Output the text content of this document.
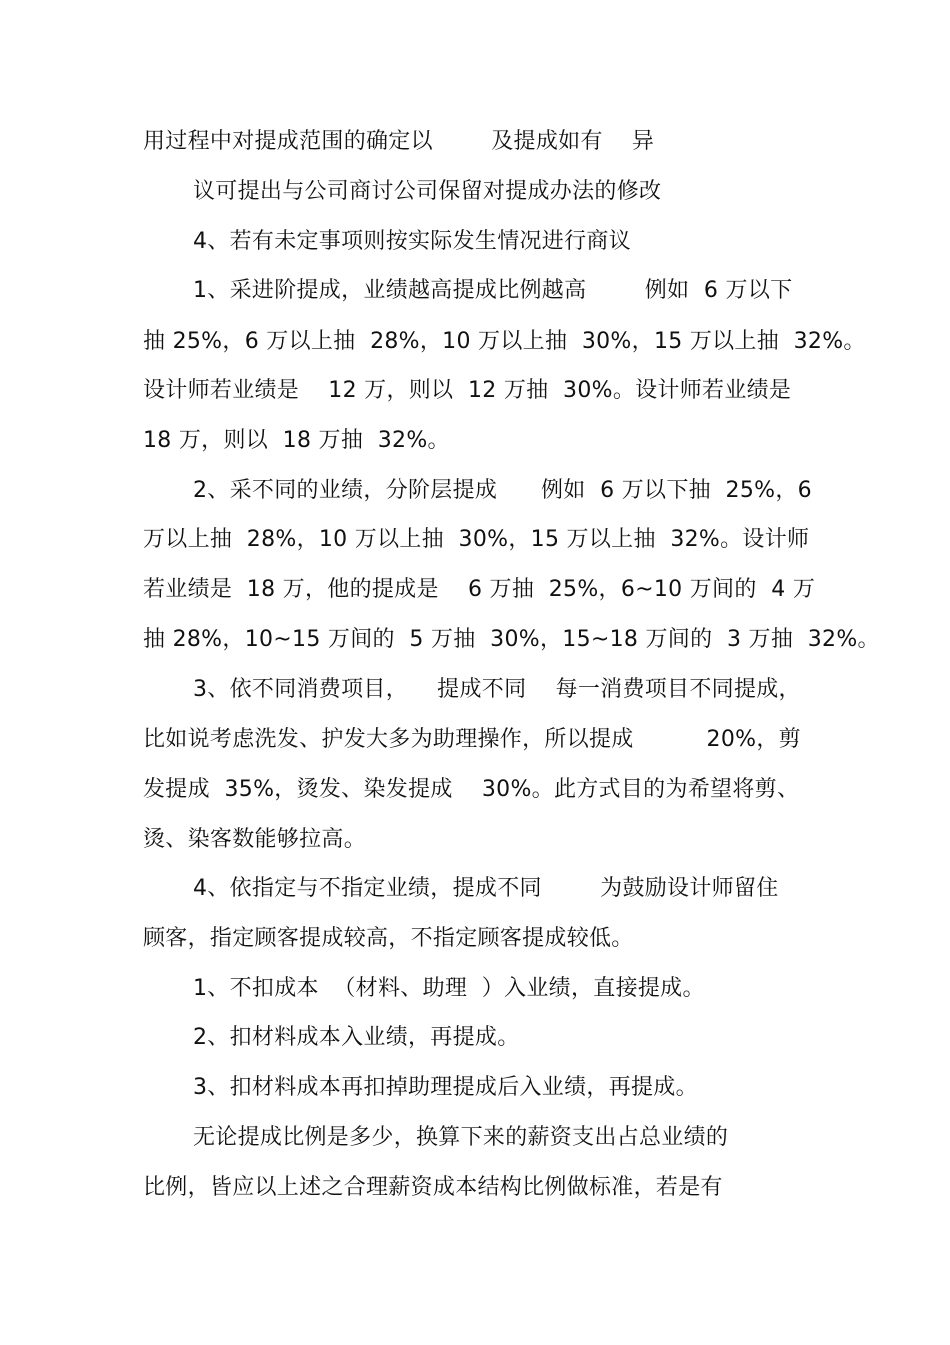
用过程中对提成范围的确定以        及提成如有    异
议可提出与公司商讨公司保留对提成办法的修改
4、若有未定事项则按实际发生情况进行商议
1、采进阶提成，业绩越高提成比例越高        例如  6 万以下
抽 25%，6 万以上抽  28%，10 万以上抽  30%，15 万以上抽  32%。
设计师若业绩是    12 万，则以  12 万抽  30%。设计师若业绩是
18 万，则以  18 万抽  32%。
2、采不同的业绩，分阶层提成      例如  6 万以下抽  25%，6
万以上抽  28%，10 万以上抽  30%，15 万以上抽  32%。设计师
若业绩是  18 万，他的提成是    6 万抽  25%，6~10 万间的  4 万
抽 28%，10~15 万间的  5 万抽  30%，15~18 万间的  3 万抽  32%。
3、依不同消费项目，    提成不同    每一消费项目不同提成，
比如说考虑洗发、护发大多为助理操作，所以提成          20%，剪
发提成  35%，烫发、染发提成    30%。此方式目的为希望将剪、
烫、染客数能够拉高。
4、依指定与不指定业绩，提成不同        为鼓励设计师留住
顾客，指定顾客提成较高，不指定顾客提成较低。
1、不扣成本  （材料、助理  ）入业绩，直接提成。
2、扣材料成本入业绩，再提成。
3、扣材料成本再扣掉助理提成后入业绩，再提成。
无论提成比例是多少，换算下来的薪资支出占总业绩的
比例，皆应以上述之合理薪资成本结构比例做标准，若是有
